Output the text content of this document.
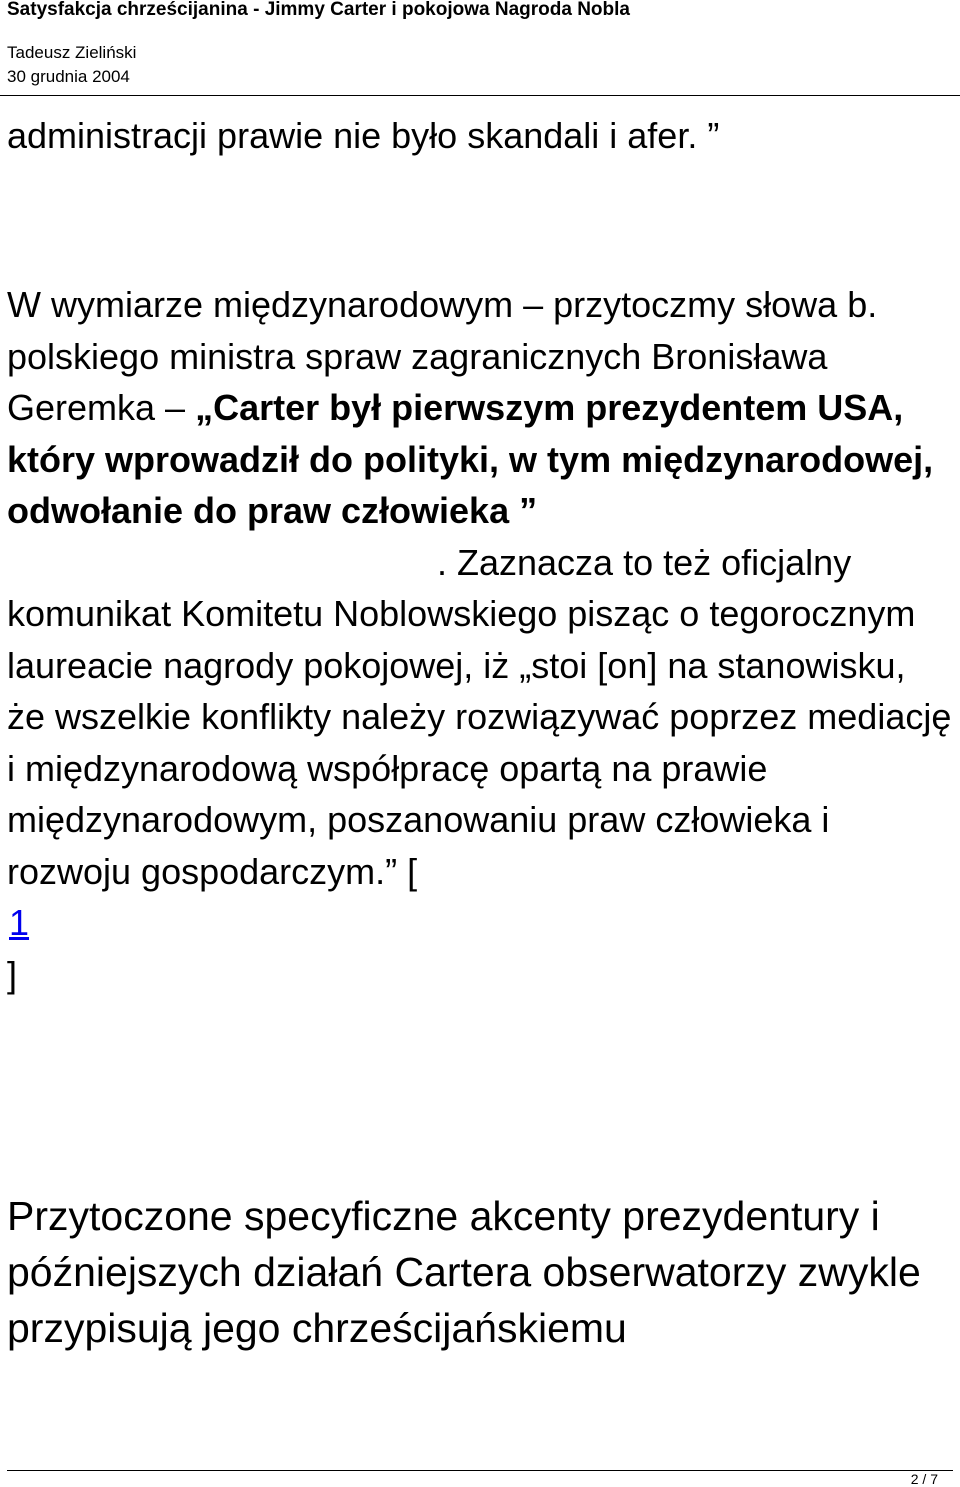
Satysfakcja chrześcijanina - Jimmy Carter i pokojowa Nagroda Nobla
Tadeusz Zieliński
30 grudnia 2004

administracji prawie nie było skandali i afer. ”

W wymiarze międzynarodowym – przytoczmy słowa b. polskiego ministra spraw zagranicznych Bronisława Geremka – „Carter był pierwszym prezydentem USA, który wprowadził do polityki, w tym międzynarodowej, odwołanie do praw człowieka ”. Zaznacza to też oficjalny komunikat Komitetu Noblowskiego pisząc o tegorocznym laureacie nagrody pokojowej, iż „stoi [on] na stanowisku, że wszelkie konflikty należy rozwiązywać poprzez mediację i międzynarodową współpracę opartą na prawie międzynarodowym, poszanowaniu praw człowieka i rozwoju gospodarczym.” [
1
]

Przytoczone specyficzne akcenty prezydentury i późniejszych działań Cartera obserwatorzy zwykle przypisują jego chrześcijańskiemu

2 / 7
